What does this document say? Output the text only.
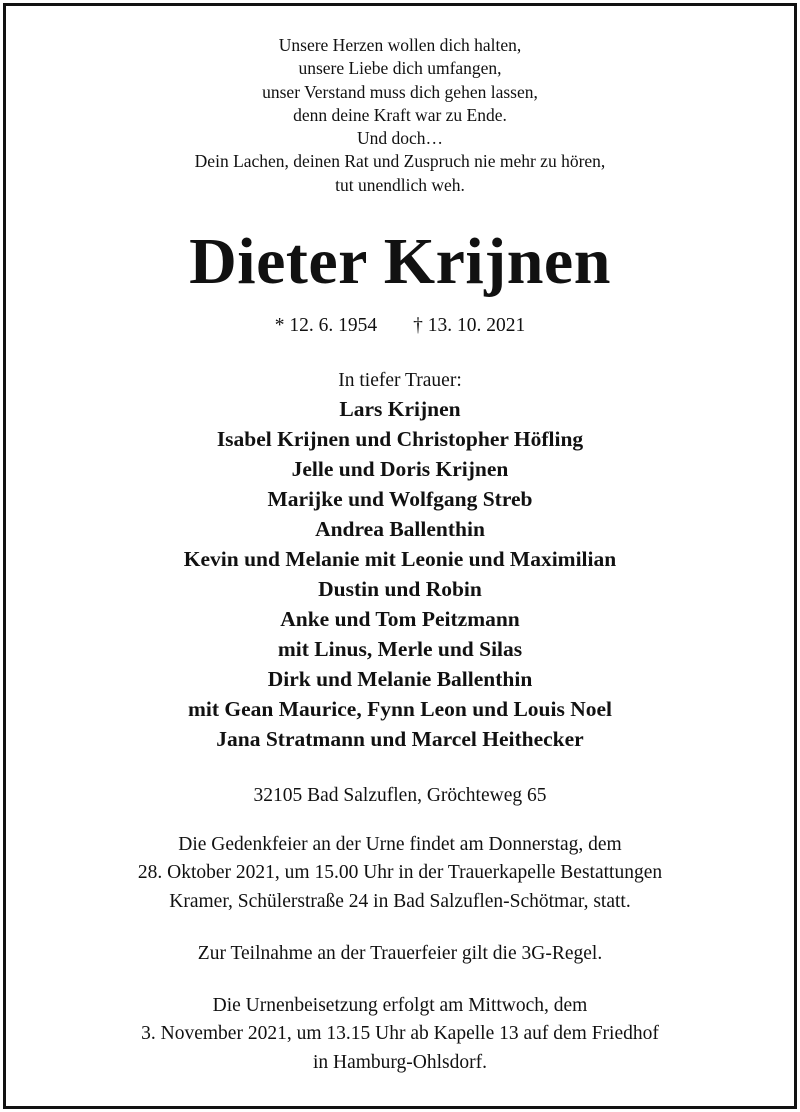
Unsere Herzen wollen dich halten,
unsere Liebe dich umfangen,
unser Verstand muss dich gehen lassen,
denn deine Kraft war zu Ende.
Und doch…
Dein Lachen, deinen Rat und Zuspruch nie mehr zu hören,
tut unendlich weh.
Dieter Krijnen
* 12. 6. 1954 † 13. 10. 2021
In tiefer Trauer:
Lars Krijnen
Isabel Krijnen und Christopher Höfling
Jelle und Doris Krijnen
Marijke und Wolfgang Streb
Andrea Ballenthin
Kevin und Melanie mit Leonie und Maximilian
Dustin und Robin
Anke und Tom Peitzmann
mit Linus, Merle und Silas
Dirk und Melanie Ballenthin
mit Gean Maurice, Fynn Leon und Louis Noel
Jana Stratmann und Marcel Heithecker
32105 Bad Salzuflen, Gröchteweg 65
Die Gedenkfeier an der Urne findet am Donnerstag, dem
28. Oktober 2021, um 15.00 Uhr in der Trauerkapelle Bestattungen
Kramer, Schülerstraße 24 in Bad Salzuflen-Schötmar, statt.
Zur Teilnahme an der Trauerfeier gilt die 3G-Regel.
Die Urnenbeisetzung erfolgt am Mittwoch, dem
3. November 2021, um 13.15 Uhr ab Kapelle 13 auf dem Friedhof
in Hamburg-Ohlsdorf.
